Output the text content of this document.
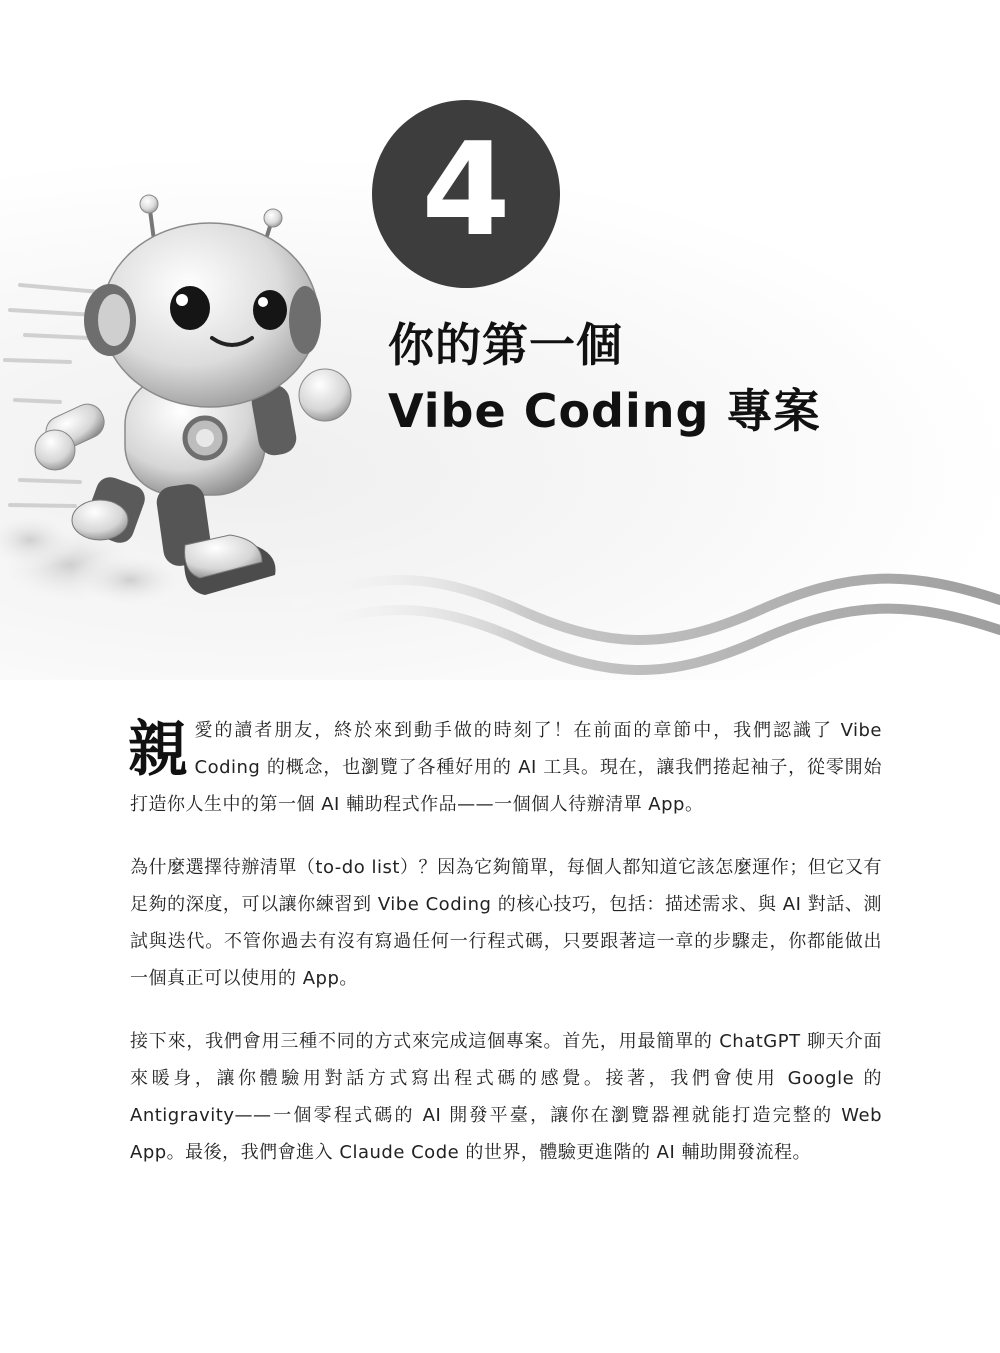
4
你的第一個
Vibe Coding 專案

親愛的讀者朋友，終於來到動手做的時刻了！在前面的章節中，我們認識了 Vibe Coding 的概念，也瀏覽了各種好用的 AI 工具。現在，讓我們捲起袖子，從零開始打造你人生中的第一個 AI 輔助程式作品——一個個人待辦清單 App。

為什麼選擇待辦清單（to-do list）？因為它夠簡單，每個人都知道它該怎麼運作；但它又有足夠的深度，可以讓你練習到 Vibe Coding 的核心技巧，包括：描述需求、與 AI 對話、測試與迭代。不管你過去有沒有寫過任何一行程式碼，只要跟著這一章的步驟走，你都能做出一個真正可以使用的 App。

接下來，我們會用三種不同的方式來完成這個專案。首先，用最簡單的 ChatGPT 聊天介面來暖身，讓你體驗用對話方式寫出程式碼的感覺。接著，我們會使用 Google 的 Antigravity——一個零程式碼的 AI 開發平臺，讓你在瀏覽器裡就能打造完整的 Web App。最後，我們會進入 Claude Code 的世界，體驗更進階的 AI 輔助開發流程。
